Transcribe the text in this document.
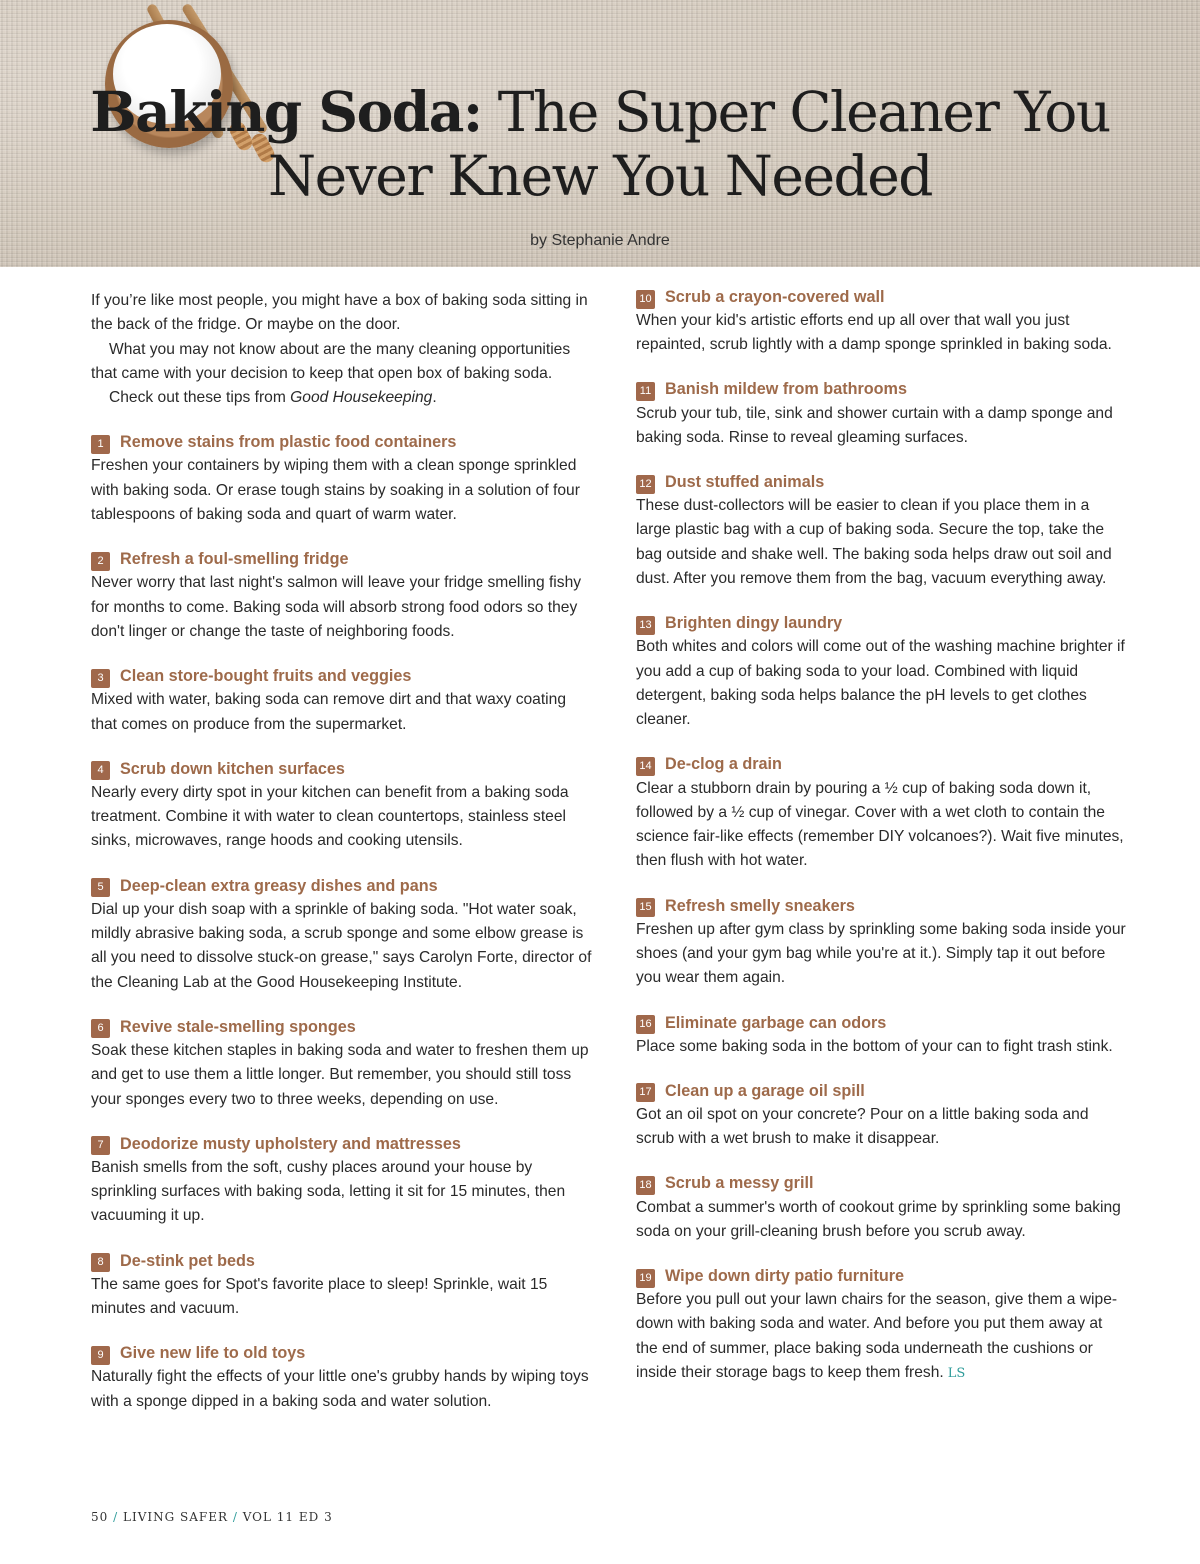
Baking Soda: The Super Cleaner You
Never Knew You Needed
by Stephanie Andre

If you’re like most people, you might have a box of baking soda sitting in the back of the fridge. Or maybe on the door.

What you may not know about are the many cleaning opportunities that came with your decision to keep that open box of baking soda.

Check out these tips from Good Housekeeping.

1	Remove stains from plastic food containers

Freshen your containers by wiping them with a clean sponge sprinkled with baking soda. Or erase tough stains by soaking in a solution of four tablespoons of baking soda and quart of warm water.

2	Refresh a foul-smelling fridge

Never worry that last night's salmon will leave your fridge smelling fishy for months to come. Baking soda will absorb strong food odors so they don't linger or change the taste of neighboring foods.

3	Clean store-bought fruits and veggies

Mixed with water, baking soda can remove dirt and that waxy coating that comes on produce from the supermarket.

4	Scrub down kitchen surfaces

Nearly every dirty spot in your kitchen can benefit from a baking soda treatment. Combine it with water to clean countertops, stainless steel sinks, microwaves, range hoods and cooking utensils.

5	Deep-clean extra greasy dishes and pans

Dial up your dish soap with a sprinkle of baking soda. "Hot water soak, mildly abrasive baking soda, a scrub sponge and some elbow grease is all you need to dissolve stuck-on grease," says Carolyn Forte, director of the Cleaning Lab at the Good Housekeeping Institute.

6	Revive stale-smelling sponges

Soak these kitchen staples in baking soda and water to freshen them up and get to use them a little longer. But remember, you should still toss your sponges every two to three weeks, depending on use.

7	Deodorize musty upholstery and mattresses

Banish smells from the soft, cushy places around your house by sprinkling surfaces with baking soda, letting it sit for 15 minutes, then vacuuming it up.

8	De-stink pet beds

The same goes for Spot's favorite place to sleep! Sprinkle, wait 15 minutes and vacuum.

9	Give new life to old toys

Naturally fight the effects of your little one's grubby hands by wiping toys with a sponge dipped in a baking soda and water solution.

10 Scrub a crayon-covered wall

When your kid's artistic efforts end up all over that wall you just repainted, scrub lightly with a damp sponge sprinkled in baking soda.

11 Banish mildew from bathrooms

Scrub your tub, tile, sink and shower curtain with a damp sponge and baking soda. Rinse to reveal gleaming surfaces.

12 Dust stuffed animals

These dust-collectors will be easier to clean if you place them in a large plastic bag with a cup of baking soda. Secure the top, take the bag outside and shake well. The baking soda helps draw out soil and dust. After you remove them from the bag, vacuum everything away.

13 Brighten dingy laundry

Both whites and colors will come out of the washing machine brighter if you add a cup of baking soda to your load. Combined with liquid detergent, baking soda helps balance the pH levels to get clothes cleaner.

14 De-clog a drain

Clear a stubborn drain by pouring a ½ cup of baking soda down it, followed by a ½ cup of vinegar. Cover with a wet cloth to contain the science fair-like effects (remember DIY volcanoes?). Wait five minutes, then flush with hot water.

15 Refresh smelly sneakers

Freshen up after gym class by sprinkling some baking soda inside your shoes (and your gym bag while you're at it.). Simply tap it out before you wear them again.

16 Eliminate garbage can odors

Place some baking soda in the bottom of your can to fight trash stink.

17 Clean up a garage oil spill

Got an oil spot on your concrete? Pour on a little baking soda and scrub with a wet brush to make it disappear.

18 Scrub a messy grill

Combat a summer's worth of cookout grime by sprinkling some baking soda on your grill-cleaning brush before you scrub away.

19 Wipe down dirty patio furniture

Before you pull out your lawn chairs for the season, give them a wipe-down with baking soda and water. And before you put them away at the end of summer, place baking soda underneath the cushions or inside their storage bags to keep them fresh. LS

50 / LIVING SAFER / VOL 11 ED 3
